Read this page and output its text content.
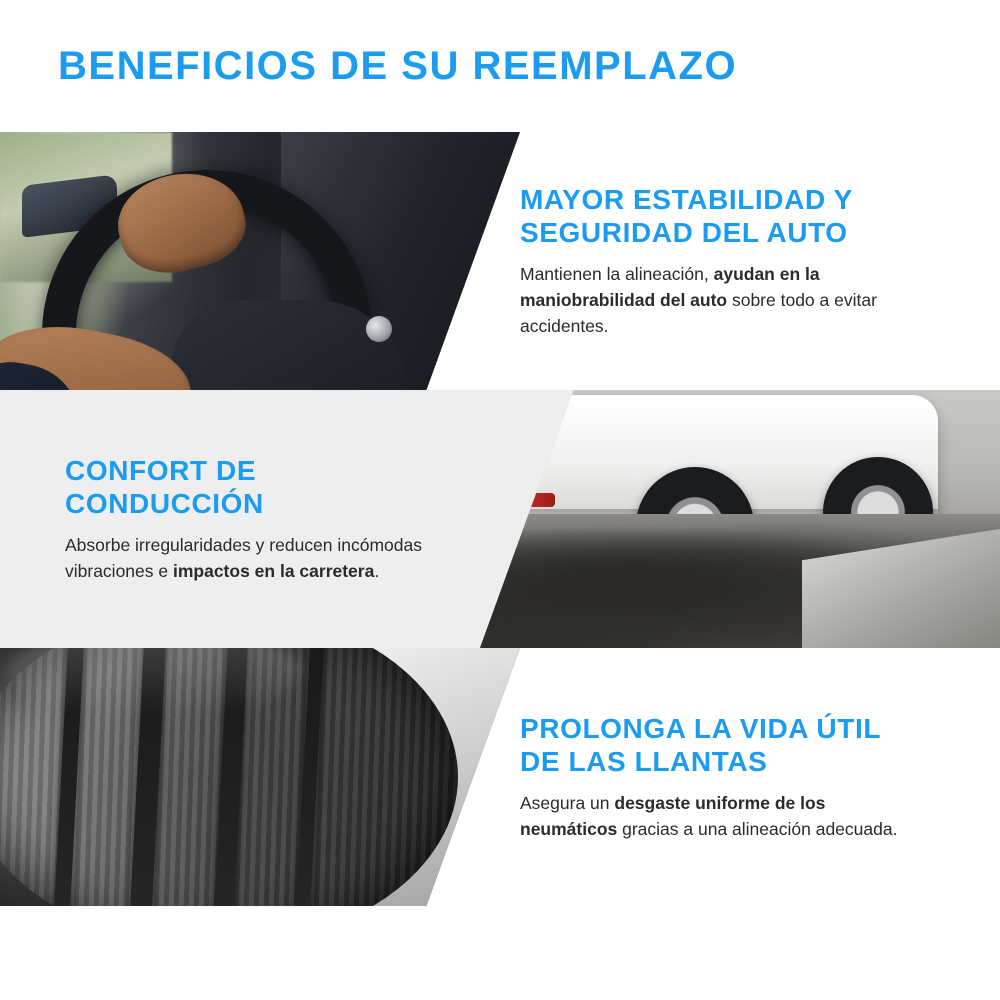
BENEFICIOS DE SU REEMPLAZO
MAYOR ESTABILIDAD Y SEGURIDAD DEL AUTO

Mantienen la alineación, ayudan en la maniobrabilidad del auto sobre todo a evitar accidentes.

CONFORT DE CONDUCCIÓN

Absorbe irregularidades y reducen incómodas vibraciones e impactos en la carretera.

PROLONGA LA VIDA ÚTIL DE LAS LLANTAS

Asegura un desgaste uniforme de los neumáticos gracias a una alineación adecuada.
